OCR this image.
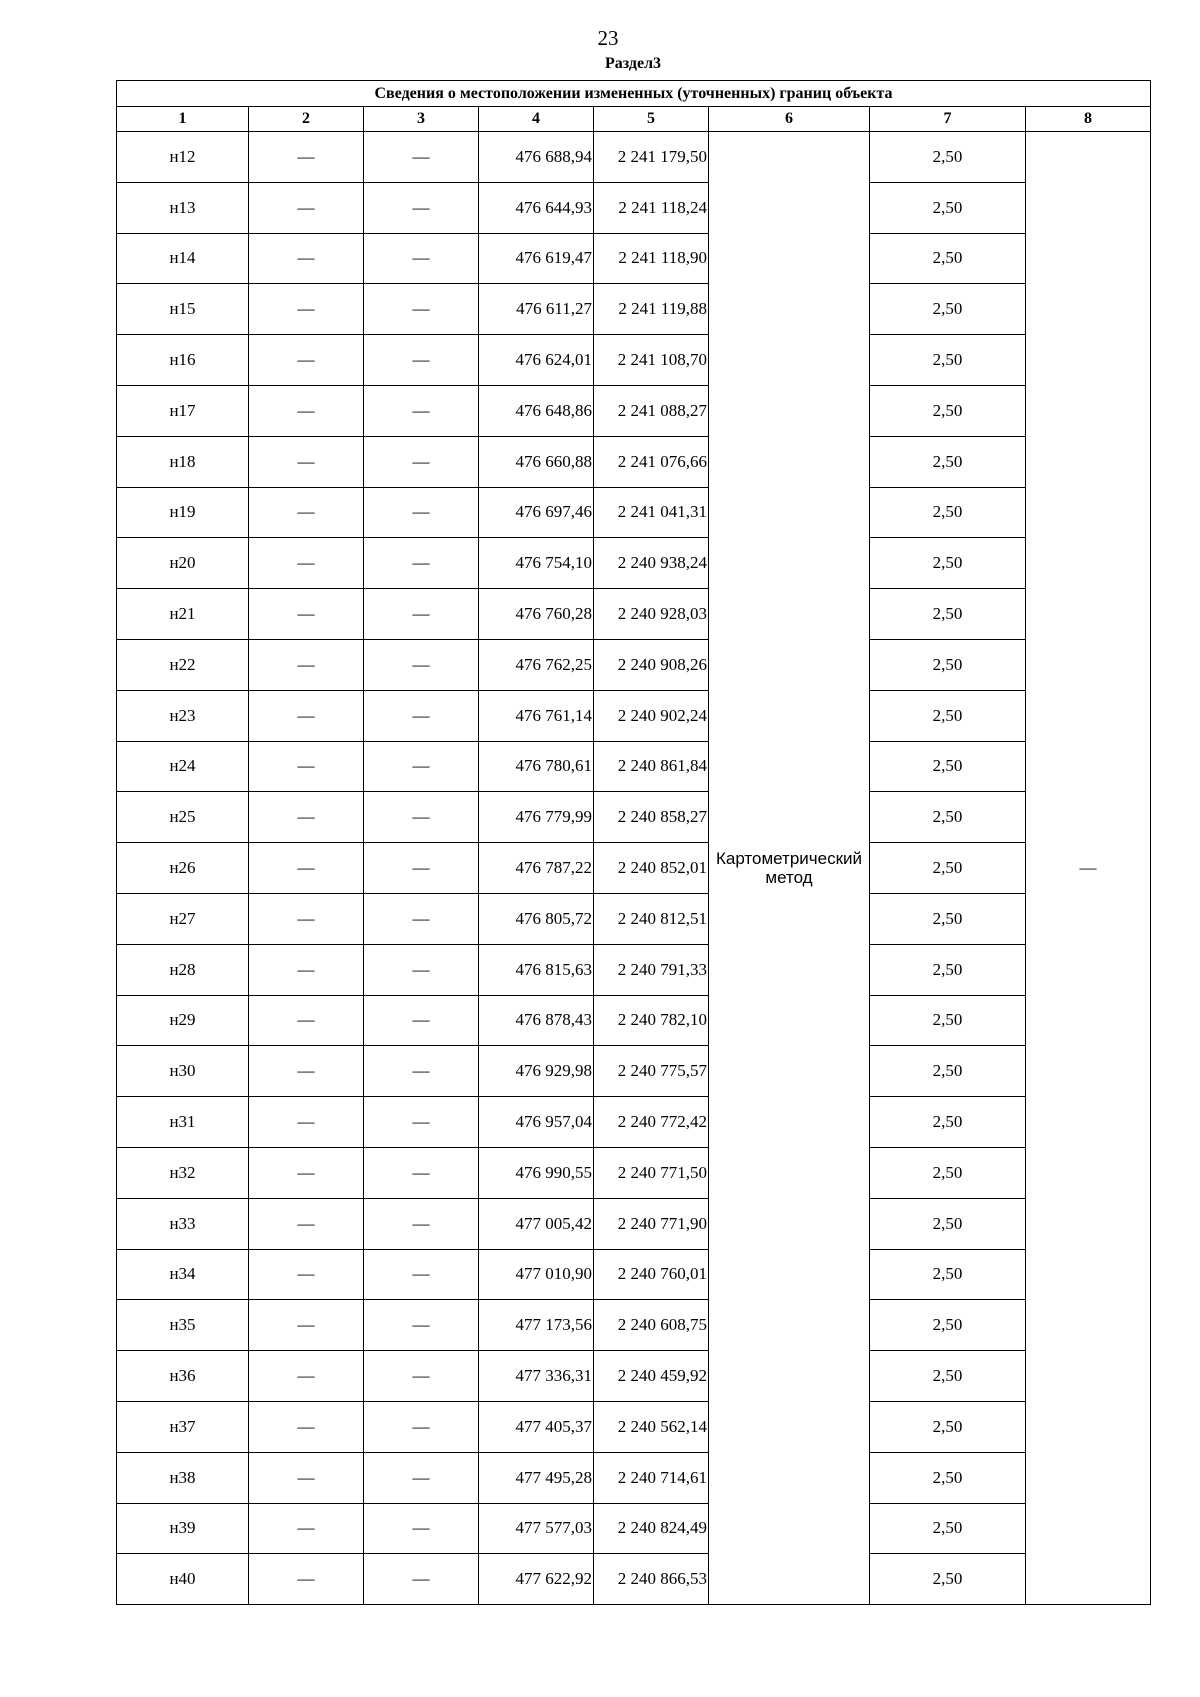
23
Раздел3
Сведения о местоположении измененных (уточненных) границ объекта							
1	2	3	4	5	6	7	8
н12	—	—	476 688,94	2 241 179,50	Картометрический метод	2,50	—
н13	—	—	476 644,93	2 241 118,24		2,50	
н14	—	—	476 619,47	2 241 118,90		2,50	
н15	—	—	476 611,27	2 241 119,88		2,50	
н16	—	—	476 624,01	2 241 108,70		2,50	
н17	—	—	476 648,86	2 241 088,27		2,50	
н18	—	—	476 660,88	2 241 076,66		2,50	
н19	—	—	476 697,46	2 241 041,31		2,50	
н20	—	—	476 754,10	2 240 938,24		2,50	
н21	—	—	476 760,28	2 240 928,03		2,50	
н22	—	—	476 762,25	2 240 908,26		2,50	
н23	—	—	476 761,14	2 240 902,24		2,50	
н24	—	—	476 780,61	2 240 861,84		2,50	
н25	—	—	476 779,99	2 240 858,27		2,50	
н26	—	—	476 787,22	2 240 852,01		2,50	
н27	—	—	476 805,72	2 240 812,51		2,50	
н28	—	—	476 815,63	2 240 791,33		2,50	
н29	—	—	476 878,43	2 240 782,10		2,50	
н30	—	—	476 929,98	2 240 775,57		2,50	
н31	—	—	476 957,04	2 240 772,42		2,50	
н32	—	—	476 990,55	2 240 771,50		2,50	
н33	—	—	477 005,42	2 240 771,90		2,50	
н34	—	—	477 010,90	2 240 760,01		2,50	
н35	—	—	477 173,56	2 240 608,75		2,50	
н36	—	—	477 336,31	2 240 459,92		2,50	
н37	—	—	477 405,37	2 240 562,14		2,50	
н38	—	—	477 495,28	2 240 714,61		2,50	
н39	—	—	477 577,03	2 240 824,49		2,50	
н40	—	—	477 622,92	2 240 866,53		2,50	
